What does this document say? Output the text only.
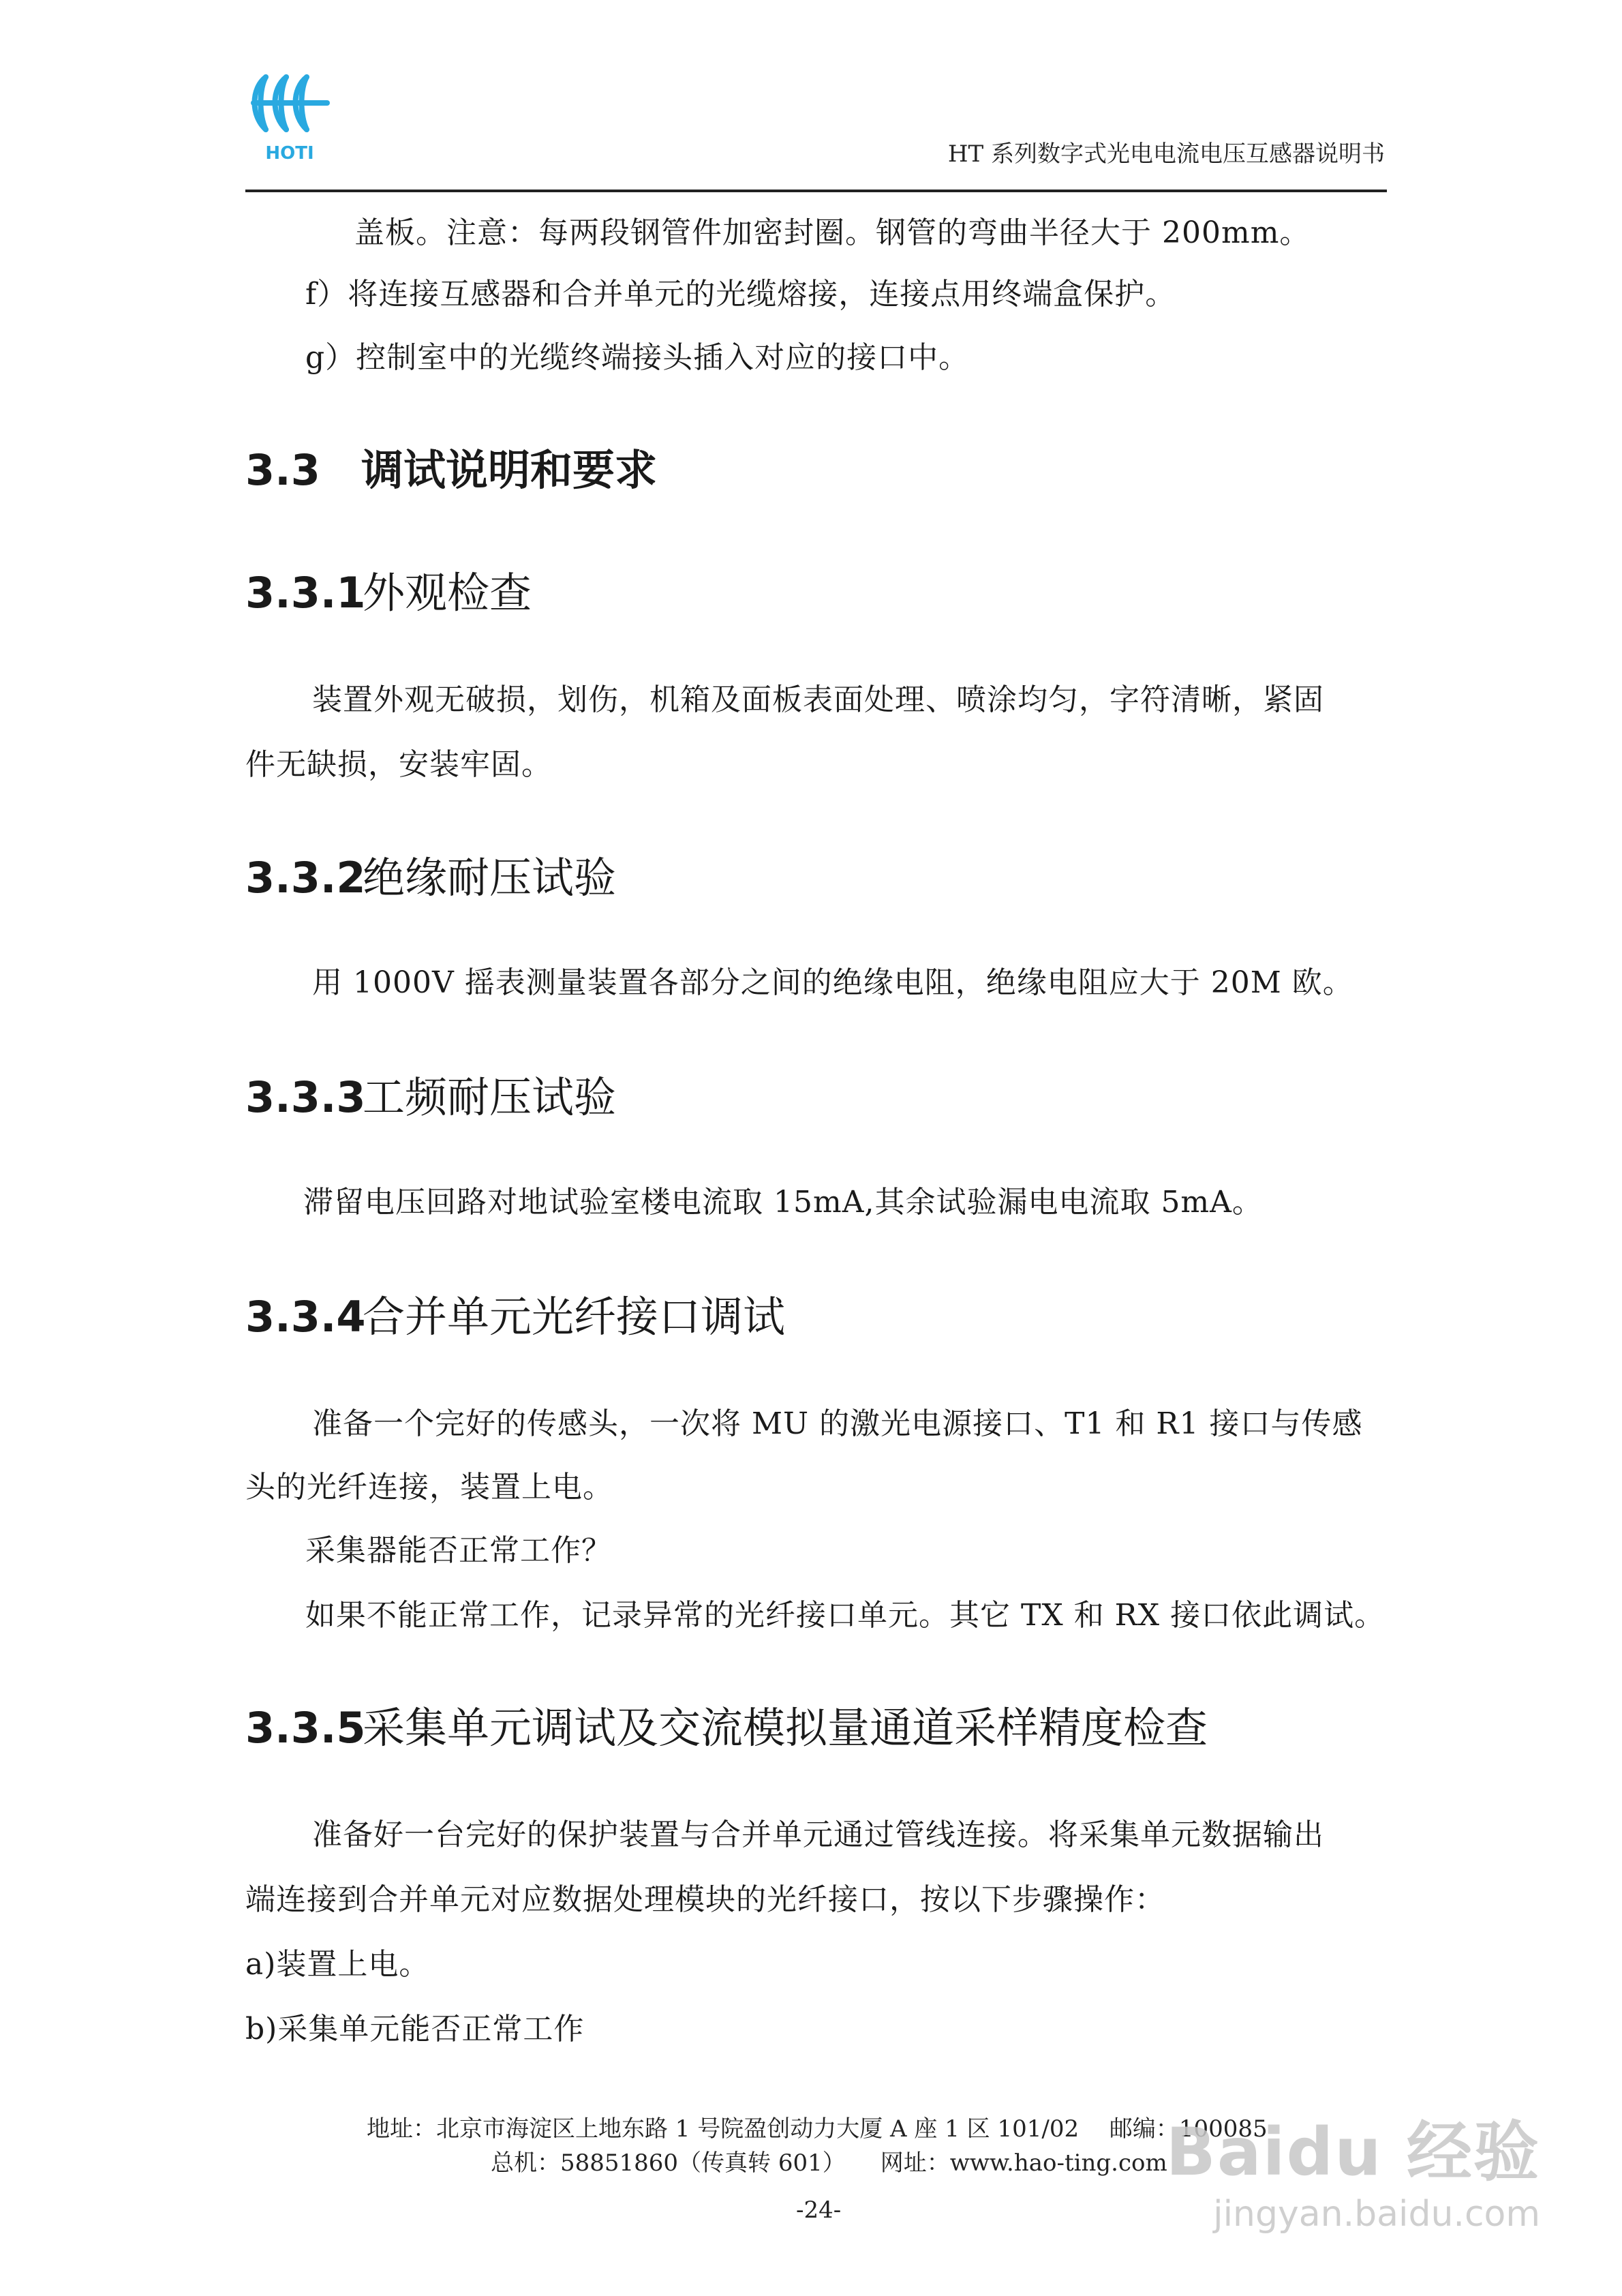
HOTI	HT 系列数字式光电电流电压互感器说明书
盖板。注意：每两段钢管件加密封圈。钢管的弯曲半径大于 200mm。
f）将连接互感器和合并单元的光缆熔接，连接点用终端盒保护。
g）控制室中的光缆终端接头插入对应的接口中。
3.3 调试说明和要求
3.3.1外观检查
装置外观无破损，划伤，机箱及面板表面处理、喷涂均匀，字符清晰，紧固
件无缺损，安装牢固。
3.3.2绝缘耐压试验
用 1000V 摇表测量装置各部分之间的绝缘电阻，绝缘电阻应大于 20M 欧。
3.3.3工频耐压试验
滞留电压回路对地试验室楼电流取 15mA,其余试验漏电电流取 5mA。
3.3.4合并单元光纤接口调试
准备一个完好的传感头，一次将 MU 的激光电源接口、T1 和 R1 接口与传感
头的光纤连接，装置上电。
采集器能否正常工作？
如果不能正常工作，记录异常的光纤接口单元。其它 TX 和 RX 接口依此调试。
3.3.5采集单元调试及交流模拟量通道采样精度检查
准备好一台完好的保护装置与合并单元通过管线连接。将采集单元数据输出
端连接到合并单元对应数据处理模块的光纤接口，按以下步骤操作：
a)装置上电。
b)采集单元能否正常工作
地址：北京市海淀区上地东路 1 号院盈创动力大厦 A 座 1 区 101/02　 邮编：100085
总机：58851860（传真转 601）　　网址：www.hao-ting.com
-24-
Baidu 经验
jingyan.baidu.com
